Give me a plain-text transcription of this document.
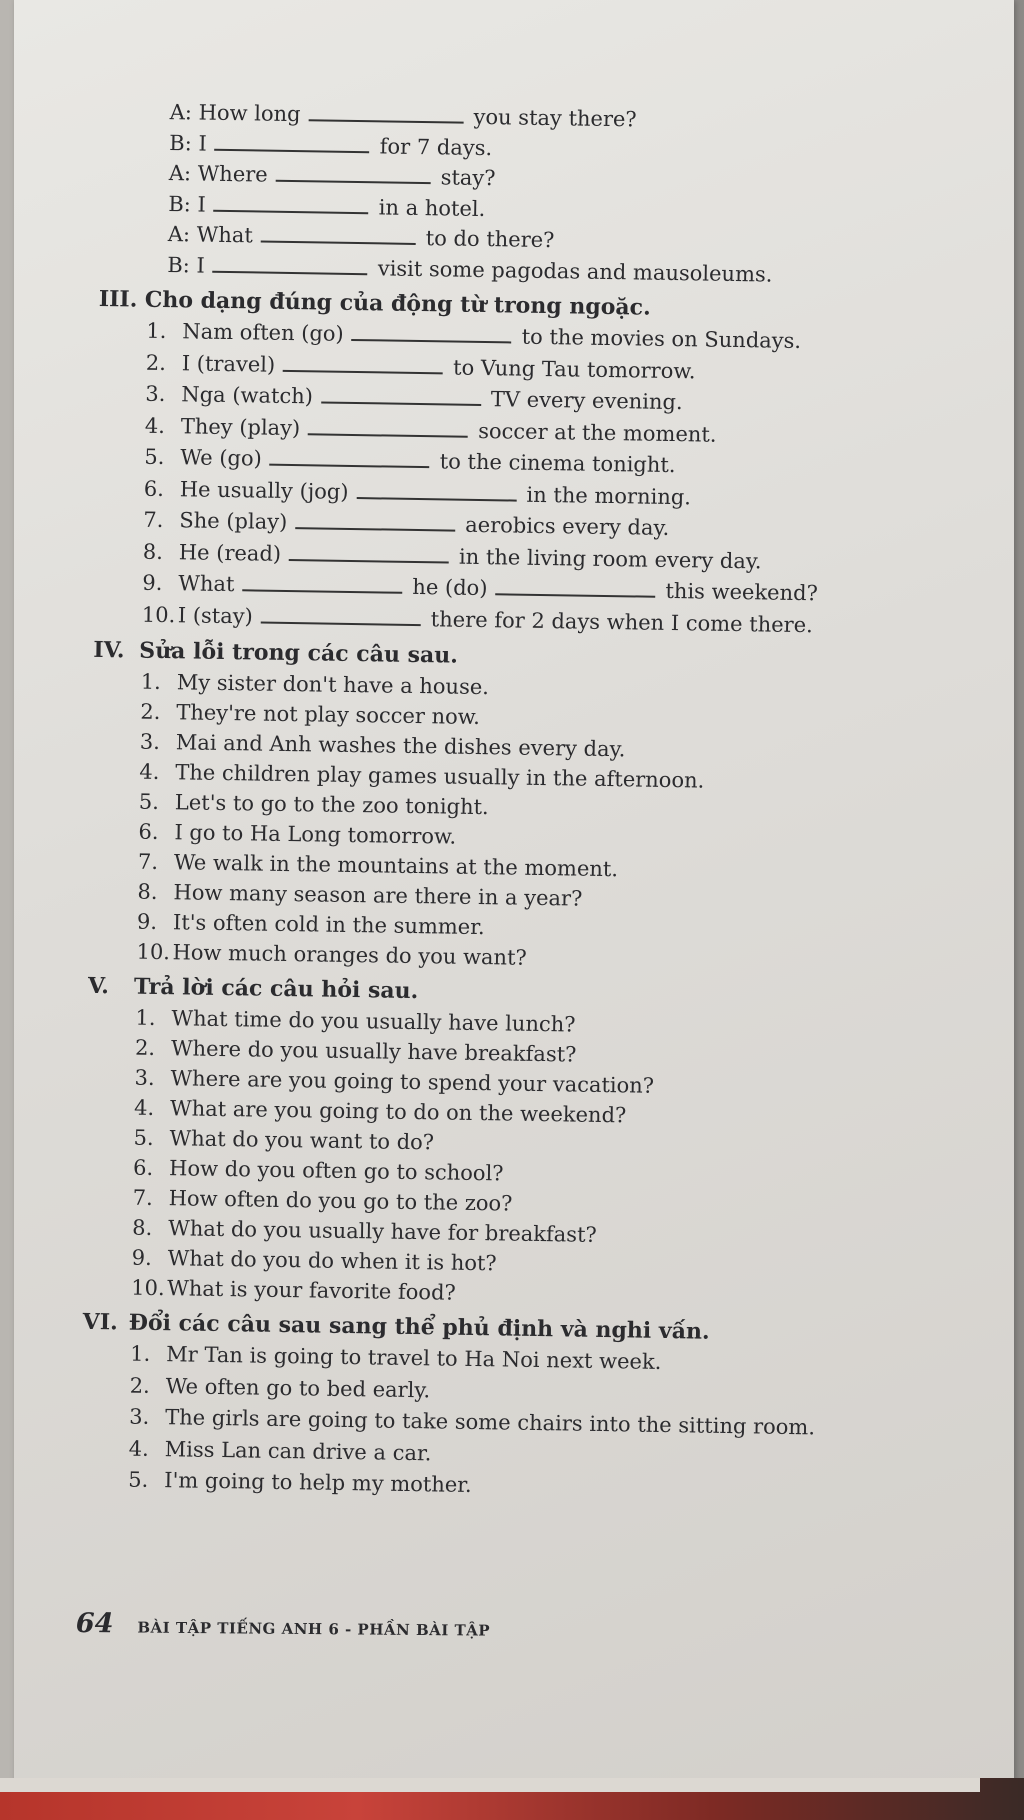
A: How long	you stay there?
B: I	for 7 days.
A: Where	stay?
B: I	in a hotel.
A: What	to do there?
B: I	visit some pagodas and mausoleums.
III. Cho dạng đúng của động từ trong ngoặc.
1. Nam often (go)	to the movies on Sundays.
2. I (travel)	to Vung Tau tomorrow.
3. Nga (watch)	TV every evening.
4. They (play)	soccer at the moment.
5. We (go)	to the cinema tonight.
6. He usually (jog)	in the morning.
7. She (play)	aerobics every day.
8. He (read)	in the living room every day.
9. What	he (do)	this weekend?
10. I (stay)	there for 2 days when I come there.
IV. Sửa lỗi trong các câu sau.
1. My sister don't have a house.
2. They're not play soccer now.
3. Mai and Anh washes the dishes every day.
4. The children play games usually in the afternoon.
5. Let's to go to the zoo tonight.
6. I go to Ha Long tomorrow.
7. We walk in the mountains at the moment.
8. How many season are there in a year?
9. It's often cold in the summer.
10. How much oranges do you want?
V. Trả lời các câu hỏi sau.
1. What time do you usually have lunch?
2. Where do you usually have breakfast?
3. Where are you going to spend your vacation?
4. What are you going to do on the weekend?
5. What do you want to do?
6. How do you often go to school?
7. How often do you go to the zoo?
8. What do you usually have for breakfast?
9. What do you do when it is hot?
10. What is your favorite food?
VI. Đổi các câu sau sang thể phủ định và nghi vấn.
1. Mr Tan is going to travel to Ha Noi next week.
2. We often go to bed early.
3. The girls are going to take some chairs into the sitting room.
4. Miss Lan can drive a car.
5. I'm going to help my mother.
64 BÀI TẬP TIẾNG ANH 6 - PHẦN BÀI TẬP
